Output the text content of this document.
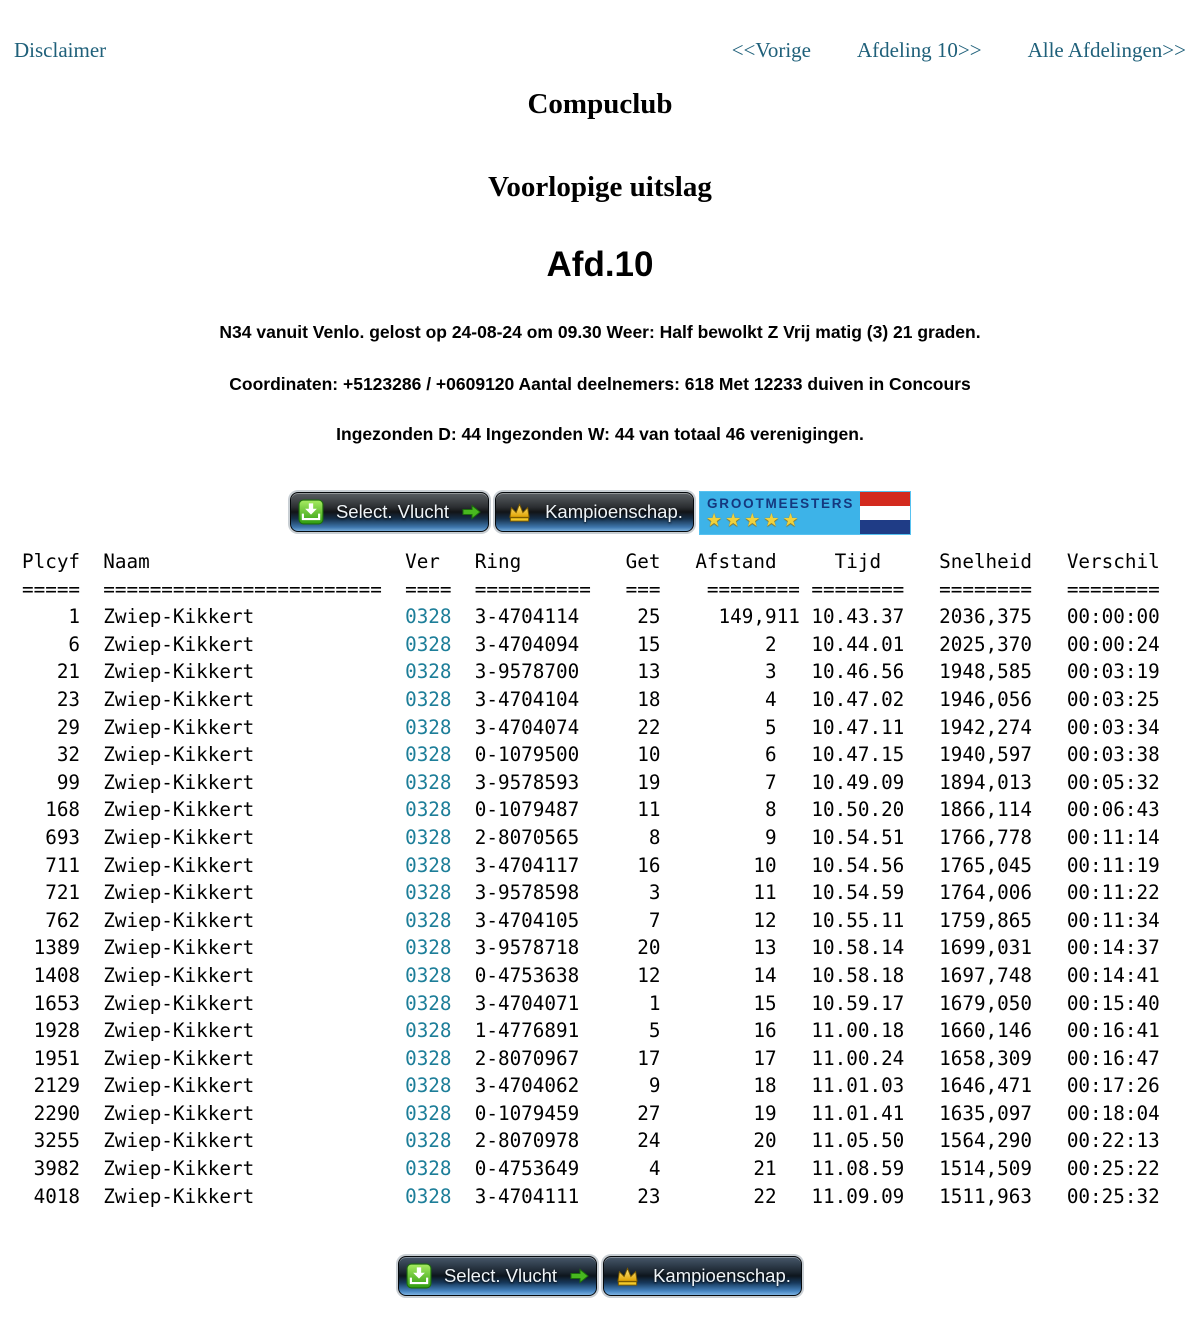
Disclaimer	<<Vorige Afdeling 10>> Alle Afdelingen>>
Compuclub
Voorlopige uitslag
Afd.10

N34 vanuit Venlo. gelost op 24-08-24 om 09.30 Weer: Half bewolkt Z Vrij matig (3) 21 graden.

Coordinaten: +5123286 / +0609120 Aantal deelnemers: 618 Met 12233 duiven in Concours

Ingezonden D: 44 Ingezonden W: 44 van totaal 46 verenigingen.

Select. Vlucht	Kampioenschap.	GROOTMEESTERS
★★★★★
Plcyf Naam                      Ver   Ring         Get   Afstand     Tijd     Snelheid Verschil
===== ========================  ==== ==========   ===    ======== ======== ======== ========
1 Zwiep-Kikkert             0328 3-4704114     25     149,911 10.43.37 2036,375 00:00:00
6 Zwiep-Kikkert             0328 3-4704094     15         2   10.44.01 2025,370 00:00:24
21 Zwiep-Kikkert             0328 3-9578700     13         3   10.46.56 1948,585 00:03:19
23 Zwiep-Kikkert             0328 3-4704104     18         4   10.47.02 1946,056 00:03:25
29 Zwiep-Kikkert             0328 3-4704074     22         5   10.47.11 1942,274 00:03:34
32 Zwiep-Kikkert             0328 0-1079500     10         6   10.47.15 1940,597 00:03:38
99 Zwiep-Kikkert             0328 3-9578593     19         7   10.49.09 1894,013 00:05:32
168 Zwiep-Kikkert             0328 0-1079487     11         8   10.50.20 1866,114 00:06:43
693 Zwiep-Kikkert             0328 2-8070565      8         9   10.54.51 1766,778 00:11:14
711 Zwiep-Kikkert             0328 3-4704117     16        10   10.54.56 1765,045 00:11:19
721 Zwiep-Kikkert             0328 3-9578598      3        11   10.54.59 1764,006 00:11:22
762 Zwiep-Kikkert             0328 3-4704105      7        12   10.55.11 1759,865 00:11:34
1389 Zwiep-Kikkert             0328 3-9578718     20        13   10.58.14 1699,031 00:14:37
1408 Zwiep-Kikkert             0328 0-4753638     12        14   10.58.18 1697,748 00:14:41
1653 Zwiep-Kikkert             0328 3-4704071      1        15   10.59.17 1679,050 00:15:40
1928 Zwiep-Kikkert             0328 1-4776891      5        16   11.00.18 1660,146 00:16:41
1951 Zwiep-Kikkert             0328 2-8070967     17        17   11.00.24 1658,309 00:16:47
2129 Zwiep-Kikkert             0328 3-4704062      9        18   11.01.03 1646,471 00:17:26
2290 Zwiep-Kikkert             0328 0-1079459     27        19   11.01.41 1635,097 00:18:04
3255 Zwiep-Kikkert             0328 2-8070978     24        20   11.05.50 1564,290 00:22:13
3982 Zwiep-Kikkert             0328 0-4753649      4        21   11.08.59 1514,509 00:25:22
4018 Zwiep-Kikkert             0328 3-4704111     23        22   11.09.09 1511,963 00:25:32
Select. Vlucht	Kampioenschap.
